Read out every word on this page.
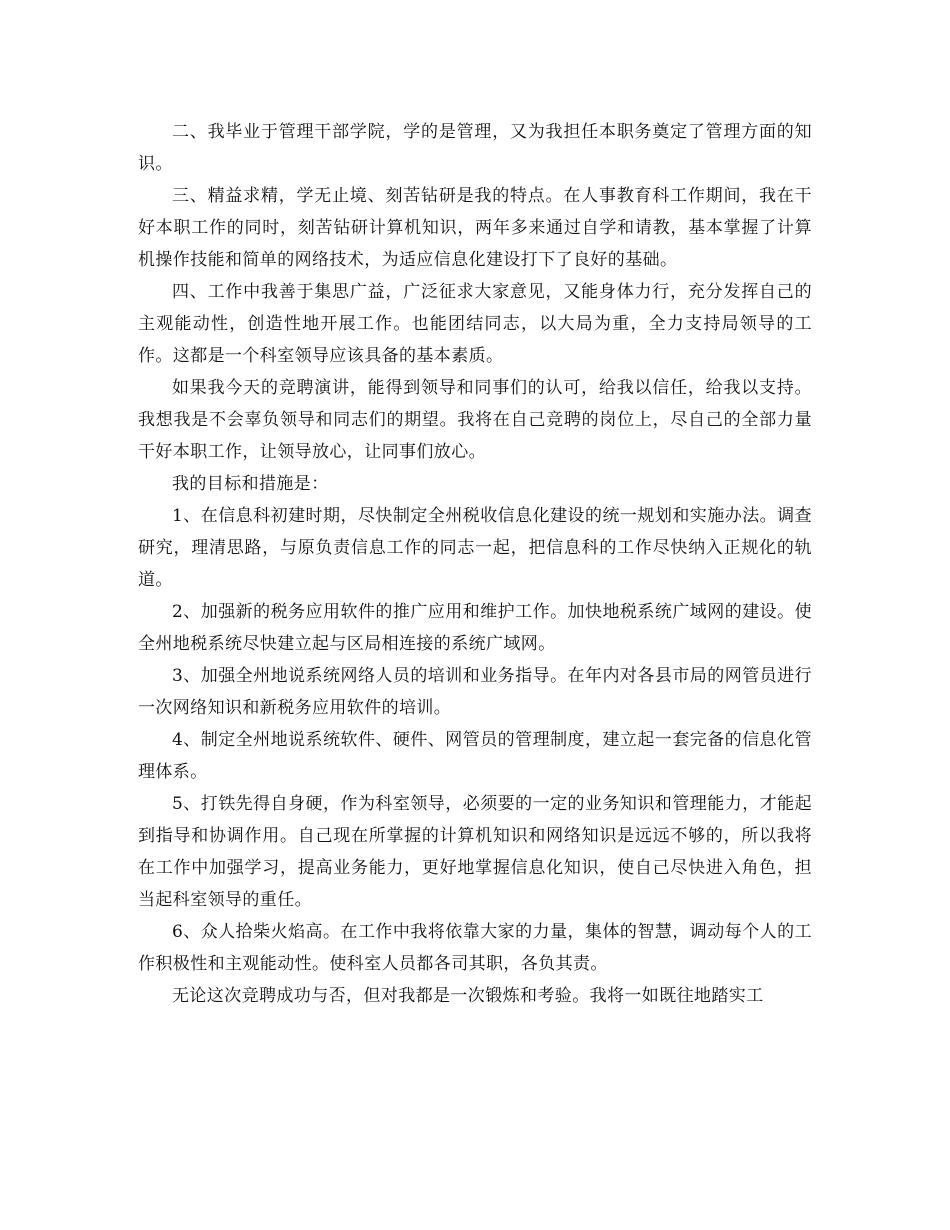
二、我毕业于管理干部学院，学的是管理，又为我担任本职务奠定了管理方面的知识。

三、精益求精，学无止境、刻苦钻研是我的特点。在人事教育科工作期间，我在干好本职工作的同时，刻苦钻研计算机知识，两年多来通过自学和请教，基本掌握了计算机操作技能和简单的网络技术，为适应信息化建设打下了良好的基础。

四、工作中我善于集思广益，广泛征求大家意见，又能身体力行，充分发挥自己的主观能动性，创造性地开展工作。也能团结同志，以大局为重，全力支持局领导的工作。这都是一个科室领导应该具备的基本素质。

如果我今天的竞聘演讲，能得到领导和同事们的认可，给我以信任，给我以支持。我想我是不会辜负领导和同志们的期望。我将在自己竞聘的岗位上，尽自己的全部力量干好本职工作，让领导放心，让同事们放心。

我的目标和措施是：

1、在信息科初建时期，尽快制定全州税收信息化建设的统一规划和实施办法。调查研究，理清思路，与原负责信息工作的同志一起，把信息科的工作尽快纳入正规化的轨道。

2、加强新的税务应用软件的推广应用和维护工作。加快地税系统广域网的建设。使全州地税系统尽快建立起与区局相连接的系统广域网。

3、加强全州地说系统网络人员的培训和业务指导。在年内对各县市局的网管员进行一次网络知识和新税务应用软件的培训。

4、制定全州地说系统软件、硬件、网管员的管理制度，建立起一套完备的信息化管理体系。

5、打铁先得自身硬，作为科室领导，必须要的一定的业务知识和管理能力，才能起到指导和协调作用。自己现在所掌握的计算机知识和网络知识是远远不够的，所以我将在工作中加强学习，提高业务能力，更好地掌握信息化知识，使自己尽快进入角色，担当起科室领导的重任。

6、众人拾柴火焰高。在工作中我将依靠大家的力量，集体的智慧，调动每个人的工作积极性和主观能动性。使科室人员都各司其职，各负其责。

无论这次竞聘成功与否，但对我都是一次锻炼和考验。我将一如既往地踏实工
